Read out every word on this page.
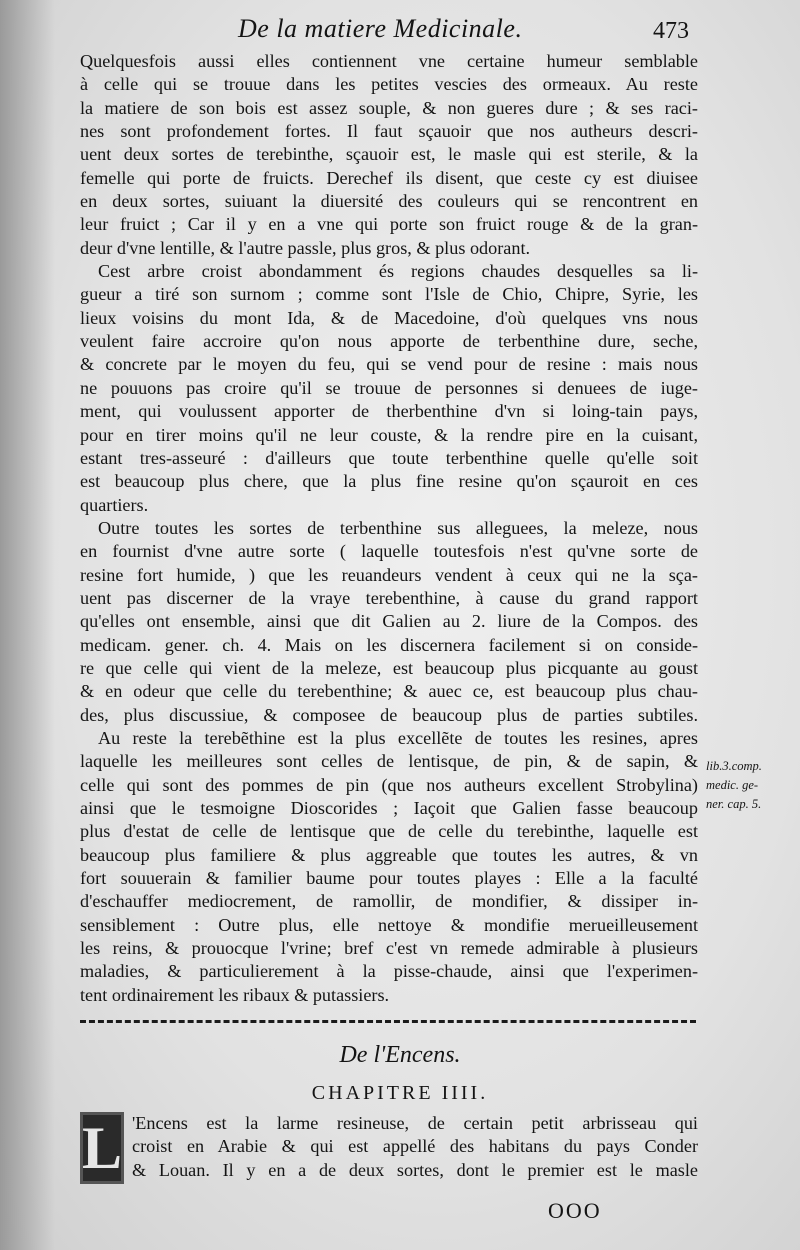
De la matiere Medicinale.	473
Quelquesfois aussi elles contiennent vne certaine humeur semblable
à celle qui se trouue dans les petites vescies des ormeaux. Au reste
la matiere de son bois est assez souple, & non gueres dure ; & ses raci-
nes sont profondement fortes. Il faut sçauoir que nos autheurs descri-
uent deux sortes de terebinthe, sçauoir est, le masle qui est sterile, & la
femelle qui porte de fruicts. Derechef ils disent, que ceste cy est diuisee
en deux sortes, suiuant la diuersité des couleurs qui se rencontrent en
leur fruict ; Car il y en a vne qui porte son fruict rouge & de la gran-
deur d'vne lentille, & l'autre passle, plus gros, & plus odorant.
Cest arbre croist abondamment és regions chaudes desquelles sa li-
gueur a tiré son surnom ; comme sont l'Isle de Chio, Chipre, Syrie, les
lieux voisins du mont Ida, & de Macedoine, d'où quelques vns nous
veulent faire accroire qu'on nous apporte de terbenthine dure, seche,
& concrete par le moyen du feu, qui se vend pour de resine : mais nous
ne pouuons pas croire qu'il se trouue de personnes si denuees de iuge-
ment, qui voulussent apporter de therbenthine d'vn si loing-tain pays,
pour en tirer moins qu'il ne leur couste, & la rendre pire en la cuisant,
estant tres-asseuré : d'ailleurs que toute terbenthine quelle qu'elle soit
est beaucoup plus chere, que la plus fine resine qu'on sçauroit en ces
quartiers.
Outre toutes les sortes de terbenthine sus alleguees, la meleze, nous
en fournist d'vne autre sorte ( laquelle toutesfois n'est qu'vne sorte de
resine fort humide, ) que les reuandeurs vendent à ceux qui ne la sça-
uent pas discerner de la vraye terebenthine, à cause du grand rapport
qu'elles ont ensemble, ainsi que dit Galien au 2. liure de la Compos. des
medicam. gener. ch. 4. Mais on les discernera facilement si on conside-
re que celle qui vient de la meleze, est beaucoup plus picquante au goust
& en odeur que celle du terebenthine; & auec ce, est beaucoup plus chau-
des, plus discussiue, & composee de beaucoup plus de parties subtiles.
Au reste la terebẽthine est la plus excellẽte de toutes les resines, apres
laquelle les meilleures sont celles de lentisque, de pin, & de sapin, &
celle qui sont des pommes de pin (que nos autheurs excellent Strobylina)
ainsi que le tesmoigne Dioscorides ; Iaçoit que Galien fasse beaucoup
plus d'estat de celle de lentisque que de celle du terebinthe, laquelle est
beaucoup plus familiere & plus aggreable que toutes les autres, & vn
fort souuerain & familier baume pour toutes playes : Elle a la faculté
d'eschauffer mediocrement, de ramollir, de mondifier, & dissiper in-
sensiblement : Outre plus, elle nettoye & mondifie merueilleusement
les reins, & prouocque l'vrine; bref c'est vn remede admirable à plusieurs
maladies, & particulierement à la pisse-chaude, ainsi que l'experimen-
tent ordinairement les ribaux & putassiers.
lib.3.comp.
medic. ge-
ner. cap. 5.
De l'Encens.
CHAPITRE IIII.
L 'Encens est la larme resineuse, de certain petit arbrisseau qui
croist en Arabie & qui est appellé des habitans du pays Conder
& Louan. Il y en a de deux sortes, dont le premier est le masle
OOO
